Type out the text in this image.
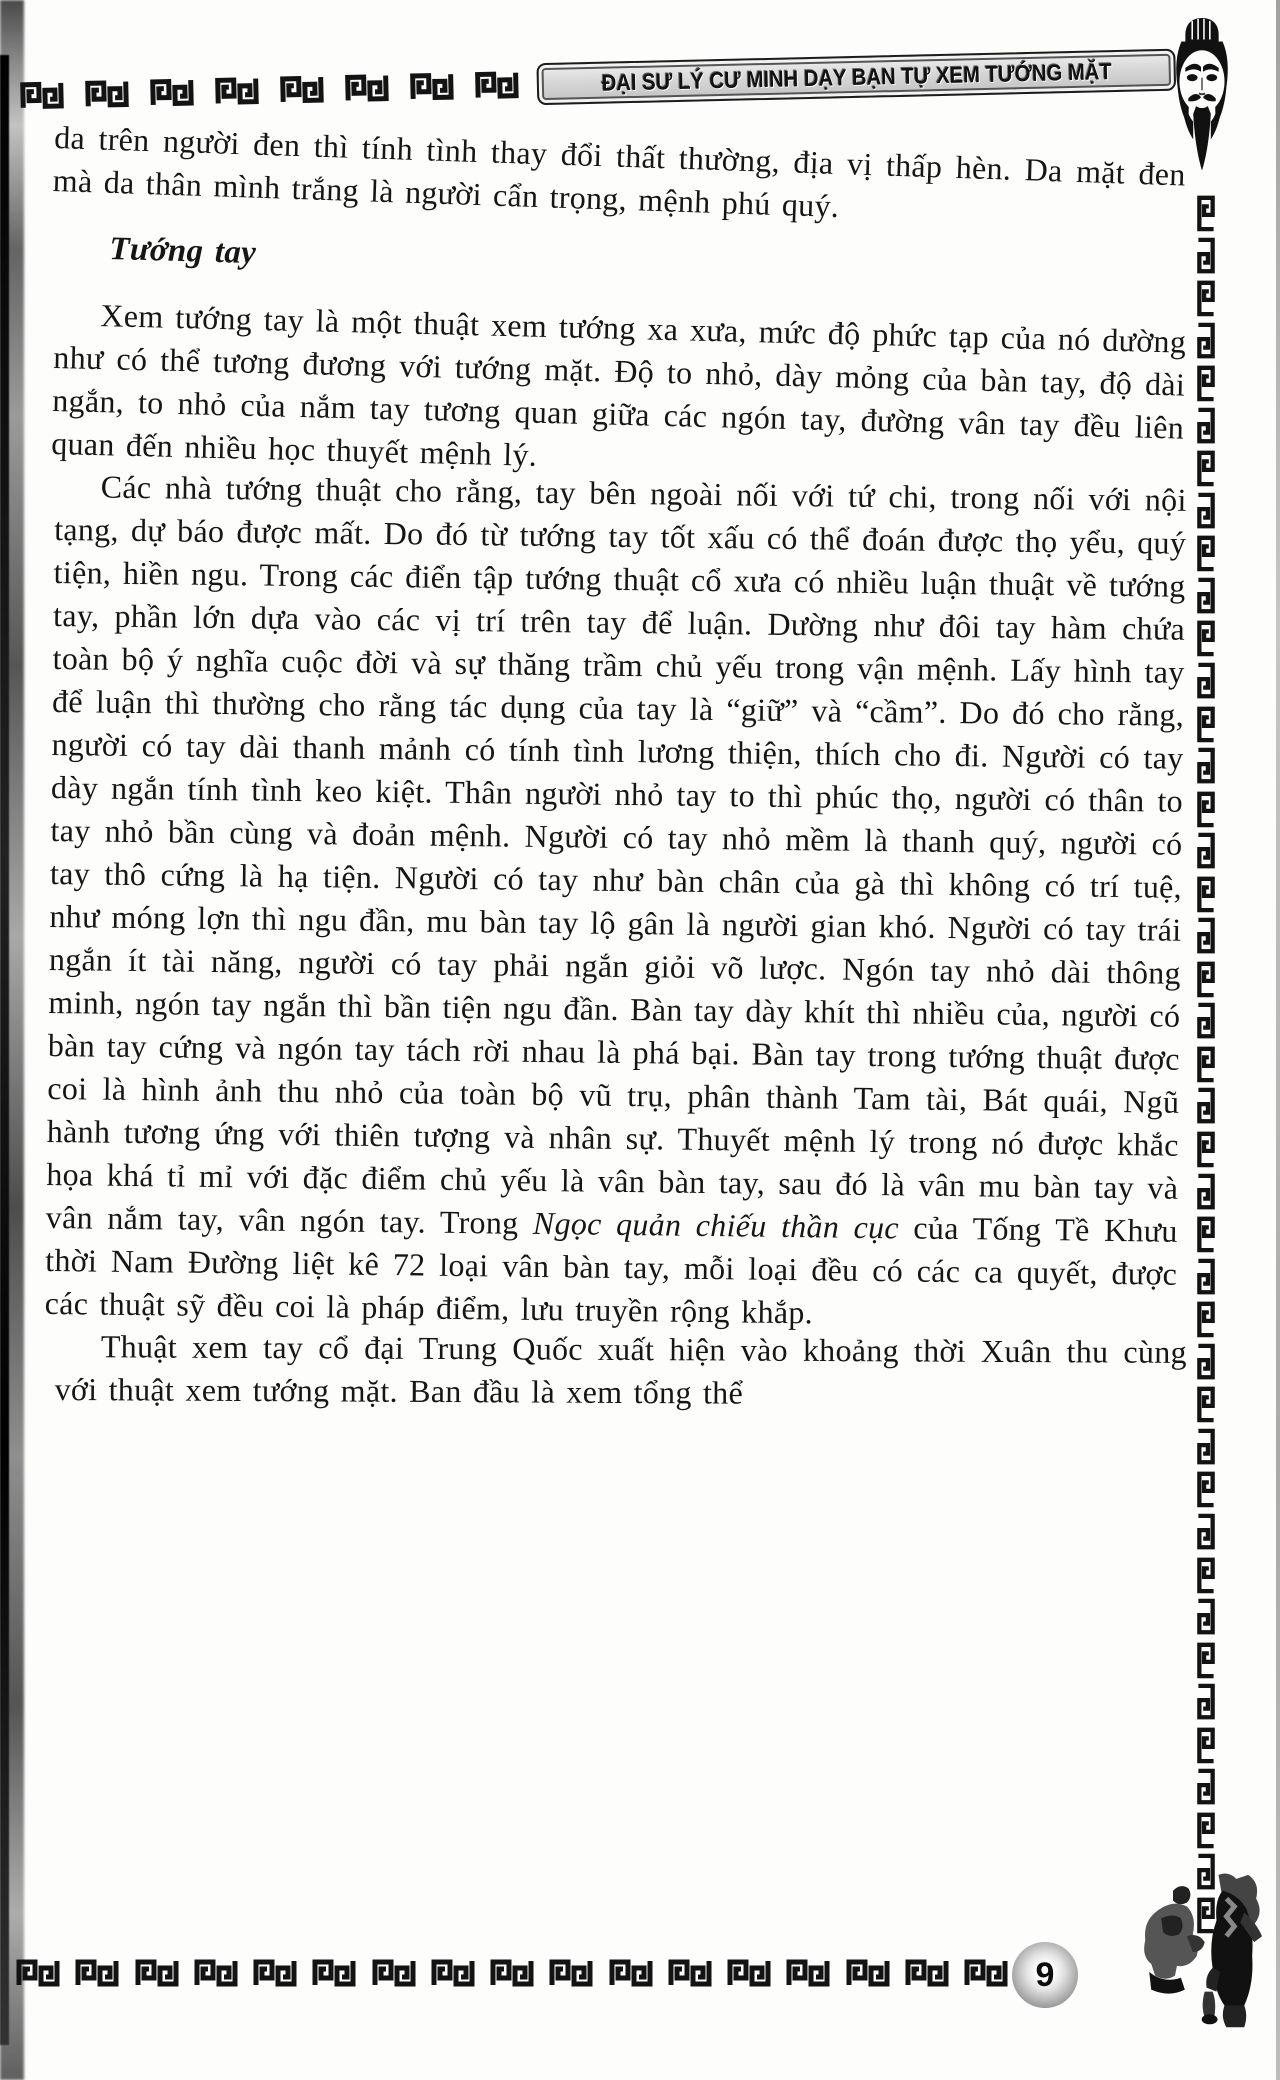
ĐẠI SƯ LÝ CƯ MINH DẠY BẠN TỰ XEM TƯỚNG MẶT

da trên người đen thì tính tình thay đổi thất thường, địa vị thấp hèn. Da mặt đen mà da thân mình trắng là người cẩn trọng, mệnh phú quý.

Tướng tay

Xem tướng tay là một thuật xem tướng xa xưa, mức độ phức tạp của nó dường như có thể tương đương với tướng mặt. Độ to nhỏ, dày mỏng của bàn tay, độ dài ngắn, to nhỏ của nắm tay tương quan giữa các ngón tay, đường vân tay đều liên quan đến nhiều học thuyết mệnh lý.

Các nhà tướng thuật cho rằng, tay bên ngoài nối với tứ chi, trong nối với nội tạng, dự báo được mất. Do đó từ tướng tay tốt xấu có thể đoán được thọ yểu, quý tiện, hiền ngu. Trong các điển tập tướng thuật cổ xưa có nhiều luận thuật về tướng tay, phần lớn dựa vào các vị trí trên tay để luận. Dường như đôi tay hàm chứa toàn bộ ý nghĩa cuộc đời và sự thăng trầm chủ yếu trong vận mệnh. Lấy hình tay để luận thì thường cho rằng tác dụng của tay là “giữ” và “cầm”. Do đó cho rằng, người có tay dài thanh mảnh có tính tình lương thiện, thích cho đi. Người có tay dày ngắn tính tình keo kiệt. Thân người nhỏ tay to thì phúc thọ, người có thân to tay nhỏ bần cùng và đoản mệnh. Người có tay nhỏ mềm là thanh quý, người có tay thô cứng là hạ tiện. Người có tay như bàn chân của gà thì không có trí tuệ, như móng lợn thì ngu đần, mu bàn tay lộ gân là người gian khó. Người có tay trái ngắn ít tài năng, người có tay phải ngắn giỏi võ lược. Ngón tay nhỏ dài thông minh, ngón tay ngắn thì bần tiện ngu đần. Bàn tay dày khít thì nhiều của, người có bàn tay cứng và ngón tay tách rời nhau là phá bại. Bàn tay trong tướng thuật được coi là hình ảnh thu nhỏ của toàn bộ vũ trụ, phân thành Tam tài, Bát quái, Ngũ hành tương ứng với thiên tượng và nhân sự. Thuyết mệnh lý trong nó được khắc họa khá tỉ mỉ với đặc điểm chủ yếu là vân bàn tay, sau đó là vân mu bàn tay và vân nắm tay, vân ngón tay. Trong Ngọc quản chiếu thần cục của Tống Tề Khưu thời Nam Đường liệt kê 72 loại vân bàn tay, mỗi loại đều có các ca quyết, được các thuật sỹ đều coi là pháp điểm, lưu truyền rộng khắp.

Thuật xem tay cổ đại Trung Quốc xuất hiện vào khoảng thời Xuân thu cùng với thuật xem tướng mặt. Ban đầu là xem tổng thể

9
